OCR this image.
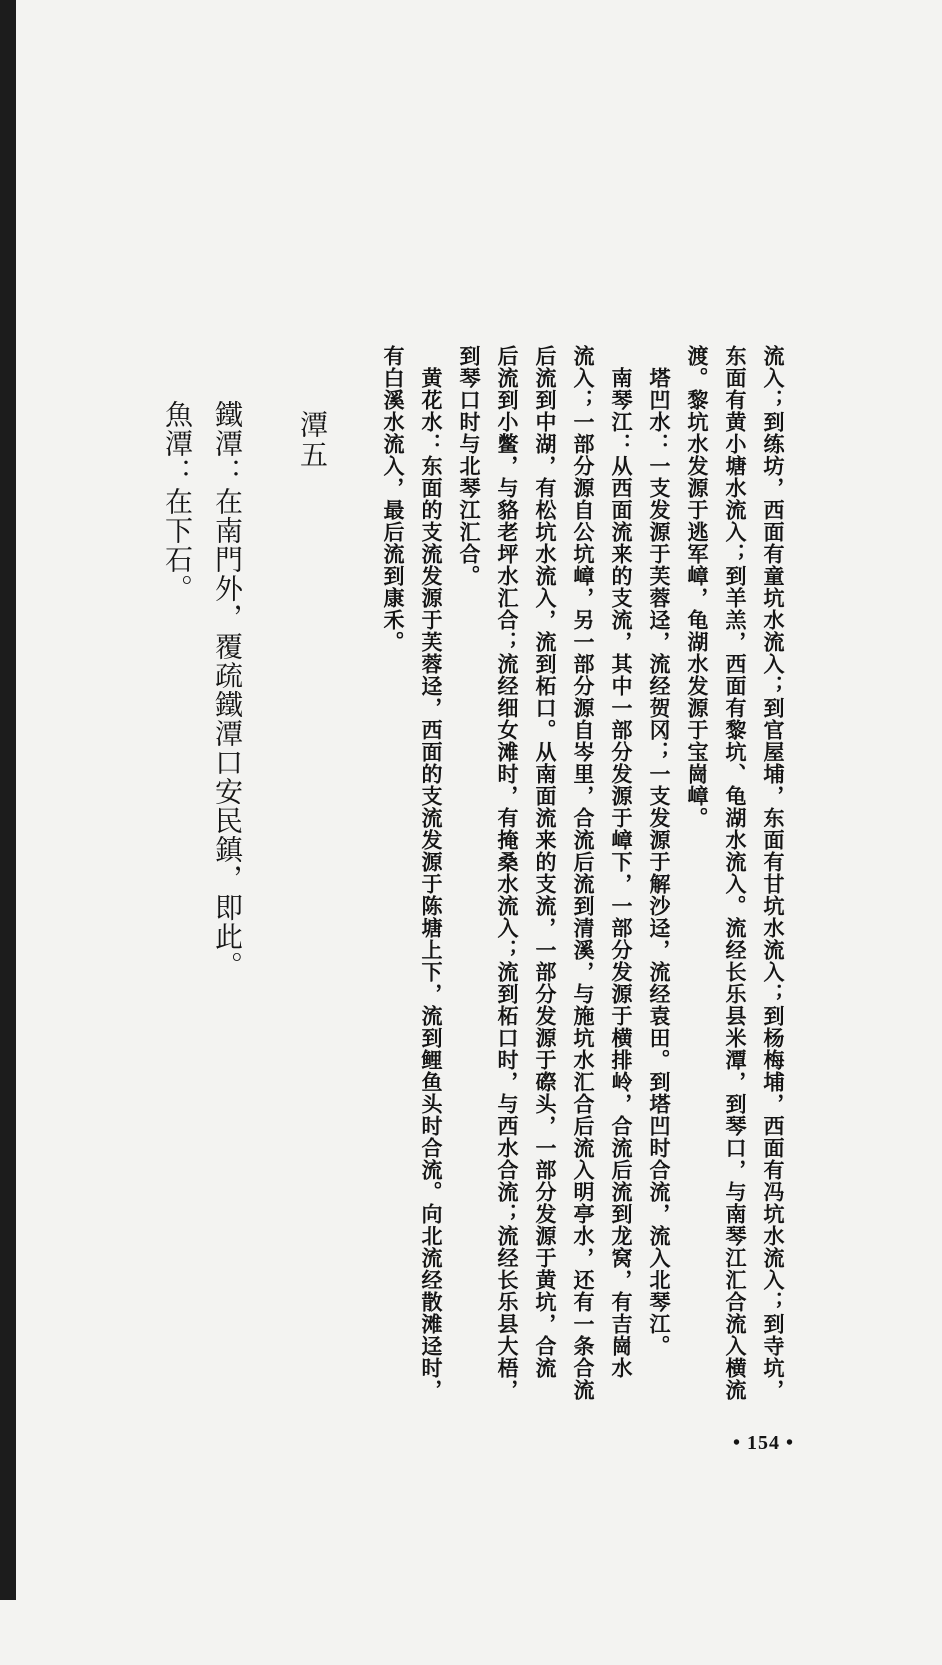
流入；到练坊，西面有童坑水流入；到官屋埔，东面有甘坑水流入；到杨梅埔，西面有冯坑水流入；到寺坑，
东面有黄小塘水流入；到羊羔，西面有黎坑、龟湖水流入。流经长乐县米潭，到琴口，与南琴江汇合流入横流
渡。黎坑水发源于逃军嶂，龟湖水发源于宝崗嶂。
　塔凹水：一支发源于芙蓉迳，流经贺冈；一支发源于解沙迳，流经袁田。到塔凹时合流，流入北琴江。
　南琴江：从西面流来的支流，其中一部分发源于嶂下，一部分发源于横排岭，合流后流到龙窝，有吉崗水
流入；一部分源自公坑嶂，另一部分源自岑里，合流后流到清溪，与施坑水汇合后流入明亭水，还有一条合流
后流到中湖，有松坑水流入，流到柘口。从南面流来的支流，一部分发源于磜头，一部分发源于黄坑，合流
后流到小鳖，与貉老坪水汇合；流经细女滩时，有掩桑水流入；流到柘口时，与西水合流；流经长乐县大梧，
到琴口时与北琴江汇合。
　黄花水：东面的支流发源于芙蓉迳，西面的支流发源于陈塘上下，流到鲤鱼头时合流。向北流经散滩迳时，
有白溪水流入，最后流到康禾。
潭五
鐵潭：在南門外，覆疏鐵潭口安民鎮，即此。
魚潭：在下石。
• 154 •
